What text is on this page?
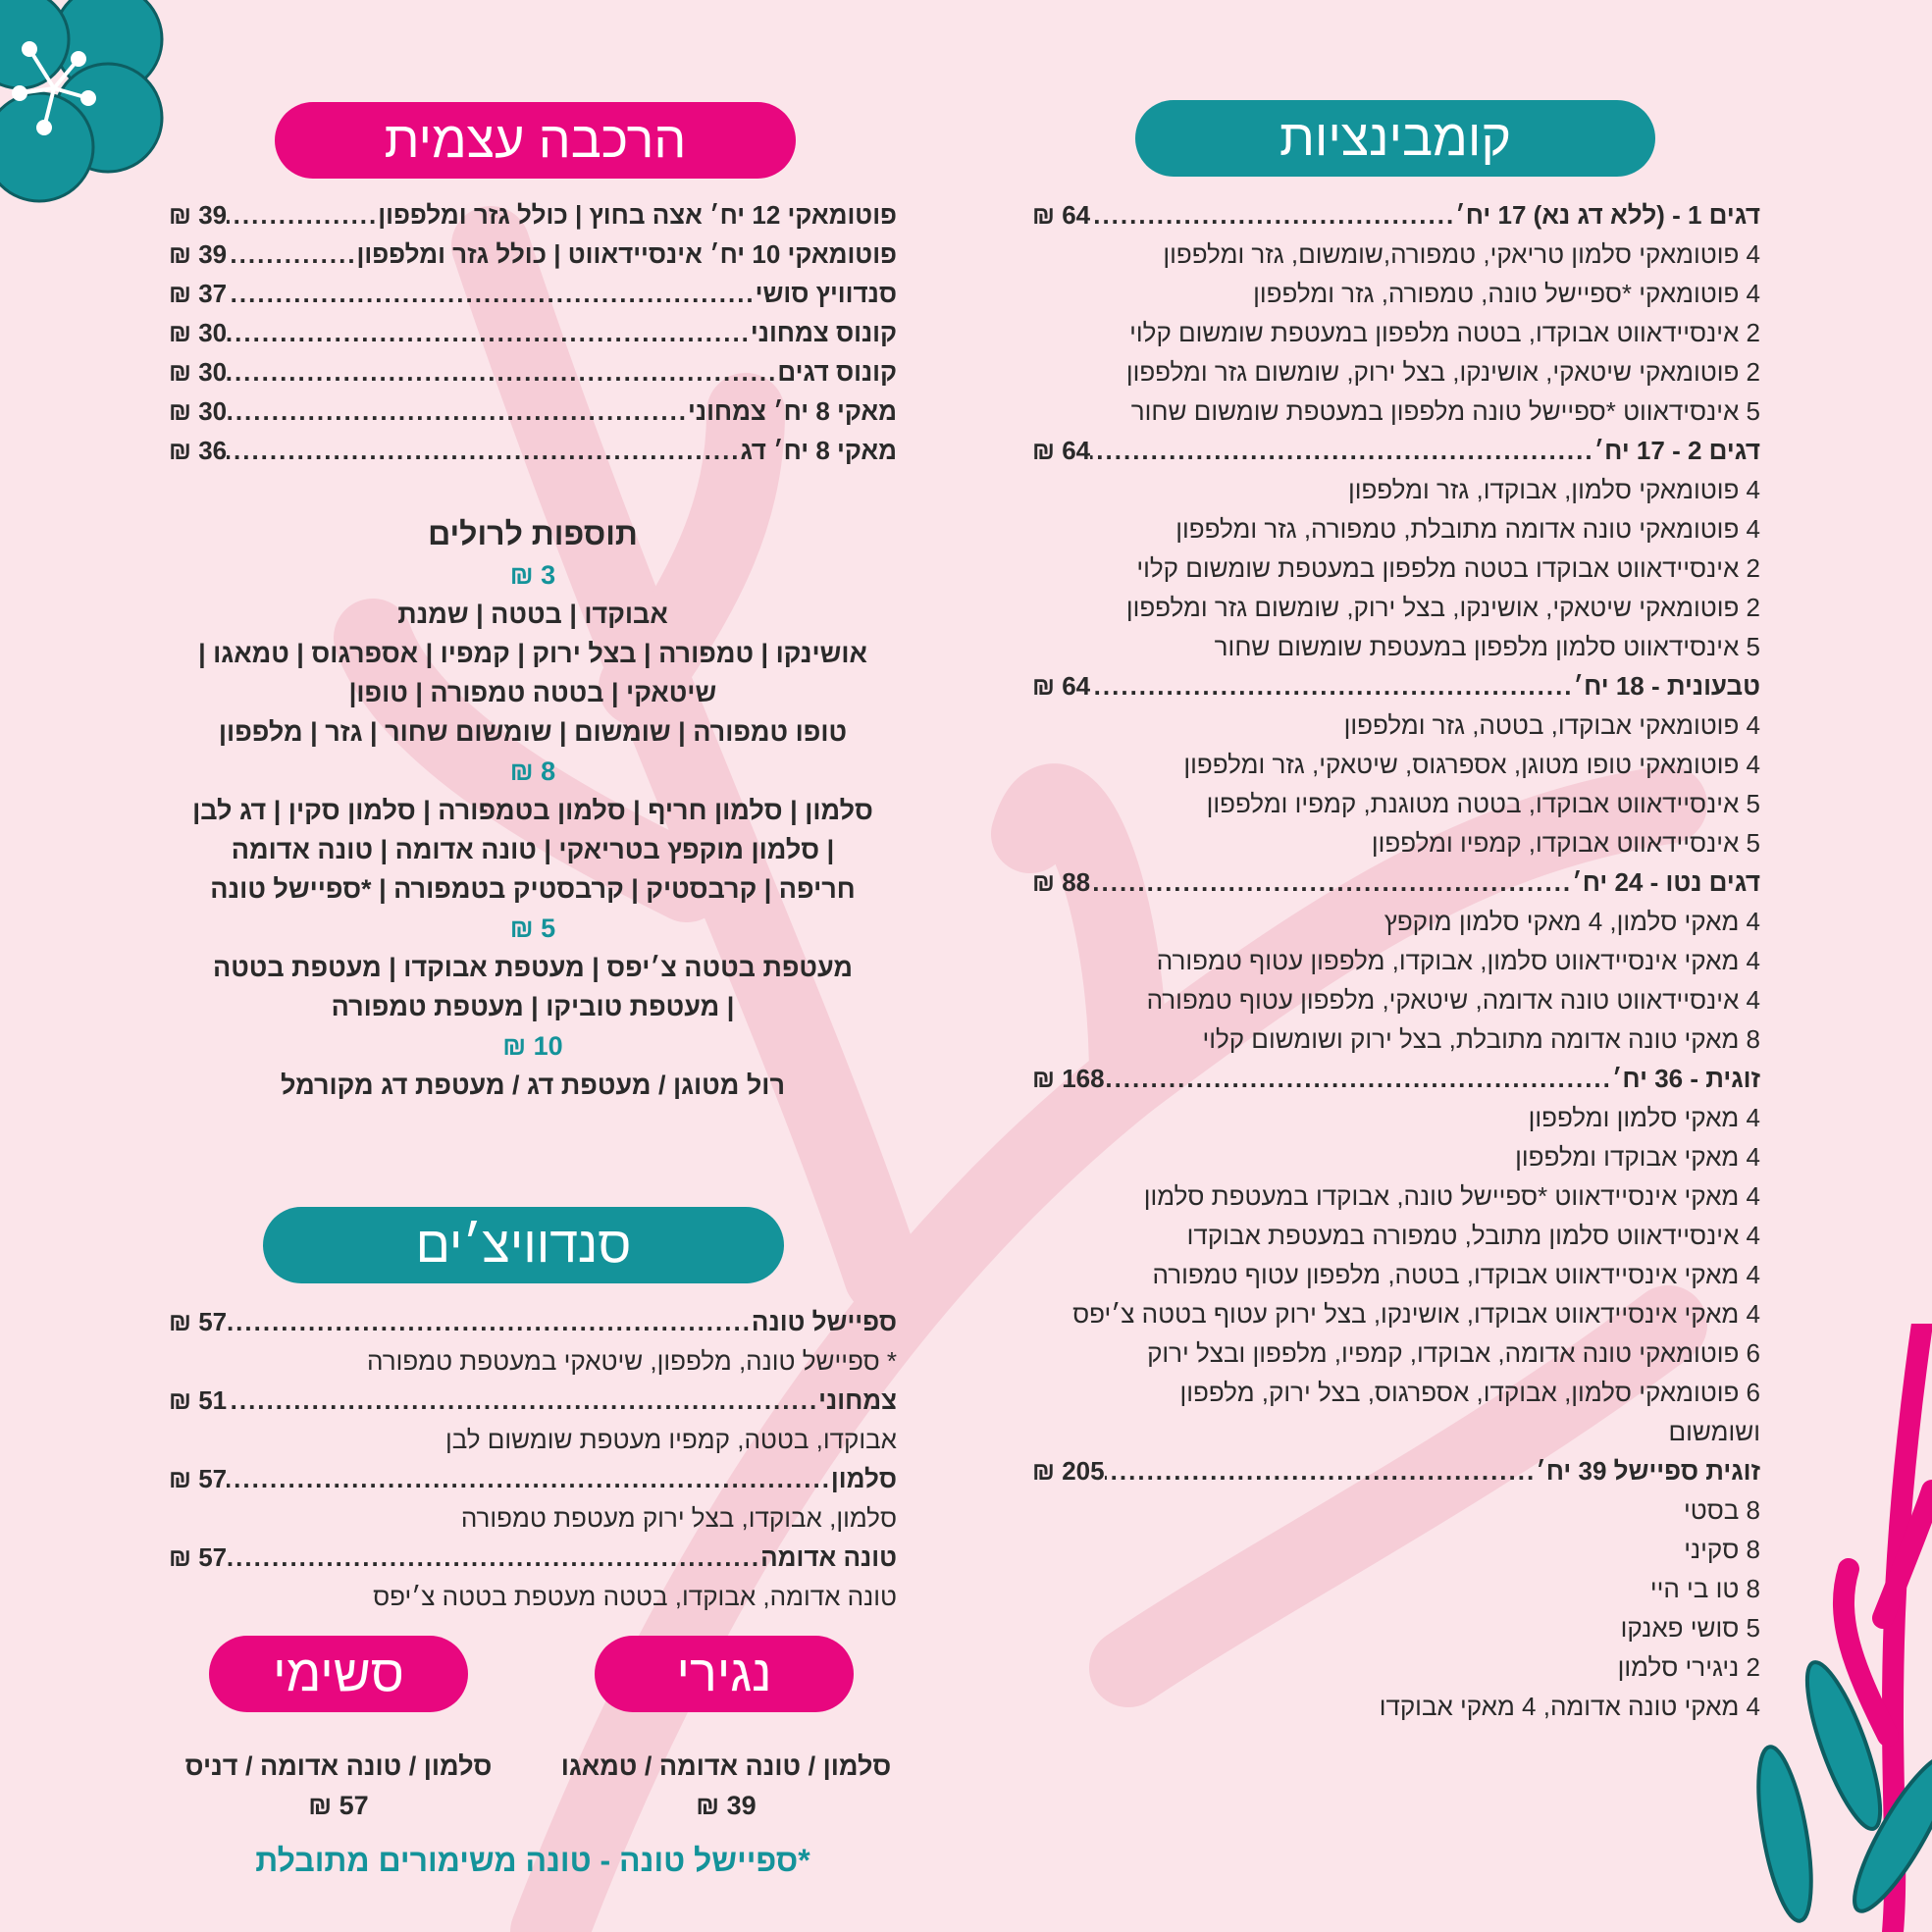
קומבינציות
הרכבה עצמית
סנדוויצ׳ים
נגירי
סשימי
דגים 1 - (ללא דג נא) 17 יח׳
.....
64 ₪
4 פוטומאקי סלמון טריאקי, טמפורה,שומשום, גזר ומלפפון
4 פוטומאקי *ספיישל טונה, טמפורה, גזר ומלפפון
2 אינסיידאווט אבוקדו, בטטה מלפפון במעטפת שומשום קלוי
2 פוטומאקי שיטאקי, אושינקו, בצל ירוק, שומשום גזר ומלפפון
5 אינסידאווט *ספיישל טונה מלפפון במעטפת שומשום שחור
דגים 2 - 17 יח׳
.....
64 ₪
4 פוטומאקי סלמון, אבוקדו, גזר ומלפפון
4 פוטומאקי טונה אדומה מתובלת, טמפורה, גזר ומלפפון
2 אינסיידאווט אבוקדו בטטה מלפפון במעטפת שומשום קלוי
2 פוטומאקי שיטאקי, אושינקו, בצל ירוק, שומשום גזר ומלפפון
5 אינסידאווט סלמון מלפפון במעטפת שומשום שחור
טבעונית - 18 יח׳
.....
64 ₪
4 פוטומאקי אבוקדו, בטטה, גזר ומלפפון
4 פוטומאקי טופו מטוגן, אספרגוס, שיטאקי, גזר ומלפפון
5 אינסיידאווט אבוקדו, בטטה מטוגנת, קמפיו ומלפפון
5 אינסיידאווט אבוקדו, קמפיו ומלפפון
דגים נטו - 24 יח׳
.....
88 ₪
4 מאקי סלמון, 4 מאקי סלמון מוקפץ
4 מאקי אינסיידאווט סלמון, אבוקדו, מלפפון עטוף טמפורה
4 אינסיידאווט טונה אדומה, שיטאקי, מלפפון עטוף טמפורה
8 מאקי טונה אדומה מתובלת, בצל ירוק ושומשום קלוי
זוגית - 36 יח׳
.....
168 ₪
4 מאקי סלמון ומלפפון
4 מאקי אבוקדו ומלפפון
4 מאקי אינסיידאווט *ספיישל טונה, אבוקדו במעטפת סלמון
4 אינסיידאווט סלמון מתובל, טמפורה במעטפת אבוקדו
4 מאקי אינסיידאווט אבוקדו, בטטה, מלפפון עטוף טמפורה
4 מאקי אינסיידאווט אבוקדו, אושינקו, בצל ירוק עטוף בטטה צ׳יפס
6 פוטומאקי טונה אדומה, אבוקדו, קמפיו, מלפפון ובצל ירוק
6 פוטומאקי סלמון, אבוקדו, אספרגוס, בצל ירוק, מלפפון
ושומשום
זוגית ספיישל 39 יח׳
.....
205 ₪
8 בסטי
8 סקיני
8 טו בי היי
5 סושי פאנקו
2 ניגירי סלמון
4 מאקי טונה אדומה, 4 מאקי אבוקדו
פוטומאקי 12 יח׳ אצה בחוץ | כולל גזר ומלפפון
.....
39 ₪
פוטומאקי 10 יח׳ אינסיידאווט | כולל גזר ומלפפון
.....
39 ₪
סנדוויץ סושי
.....
37 ₪
קונוס צמחוני
.....
30 ₪
קונוס דגים
.....
30 ₪
מאקי 8 יח׳ צמחוני
.....
30 ₪
מאקי 8 יח׳ דג
.....
36 ₪
תוספות לרולים
3 ₪
אבוקדו | בטטה | שמנת
אושינקו | טמפורה | בצל ירוק | קמפיו | אספרגוס | טמאגו |
שיטאקי | בטטה טמפורה | טופו|
טופו טמפורה | שומשום | שומשום שחור | גזר | מלפפון
8 ₪
סלמון | סלמון חריף | סלמון בטמפורה | סלמון סקין | דג לבן
| סלמון מוקפץ בטריאקי | טונה אדומה | טונה אדומה
חריפה | קרבסטיק | קרבסטיק בטמפורה | *ספיישל טונה
5 ₪
מעטפת בטטה צ׳יפס | מעטפת אבוקדו | מעטפת בטטה
| מעטפת טוביקו | מעטפת טמפורה
10 ₪
רול מטוגן / מעטפת דג / מעטפת דג מקורמל
ספיישל טונה
.....
57 ₪
* ספיישל טונה, מלפפון, שיטאקי במעטפת טמפורה
צמחוני
.....
51 ₪
אבוקדו, בטטה, קמפיו מעטפת שומשום לבן
סלמון
.....
57 ₪
סלמון, אבוקדו, בצל ירוק מעטפת טמפורה
טונה אדומה
.....
57 ₪
טונה אדומה, אבוקדו, בטטה מעטפת בטטה צ׳יפס
סלמון / טונה אדומה / טמאגו
39 ₪
סלמון / טונה אדומה / דניס
57 ₪
*ספיישל טונה - טונה משימורים מתובלת
